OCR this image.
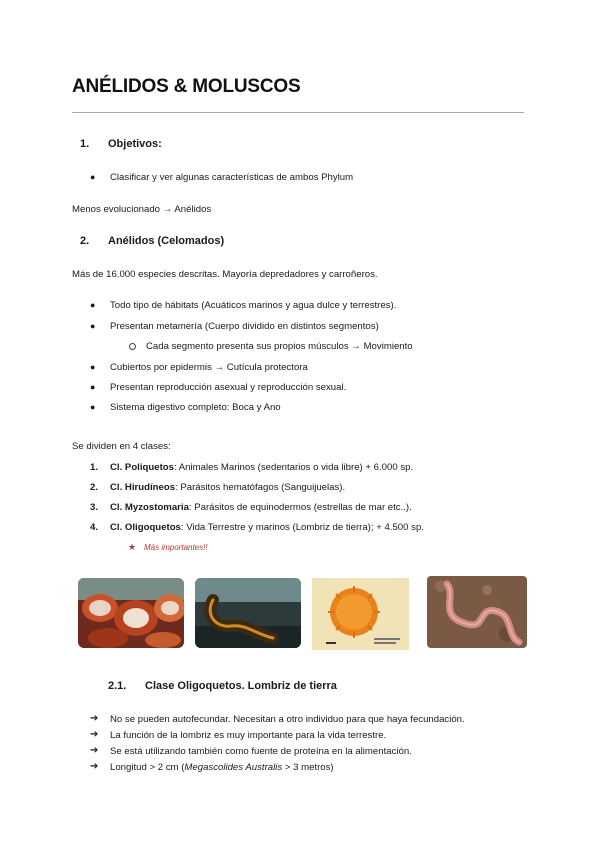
ANÉLIDOS & MOLUSCOS
1. Objetivos:
● Clasificar y ver algunas características de ambos Phylum
Menos evolucionado → Anélidos
2. Anélidos (Celomados)
Más de 16.000 especies descritas. Mayoría depredadores y carroñeros.
● Todo tipo de hábitats (Acuáticos marinos y agua dulce y terrestres).
● Presentan metamería (Cuerpo dividido en distintos segmentos)
Cada segmento presenta sus propios músculos → Movimiento
● Cubiertos por epidermis → Cutícula protectora
● Presentan reproducción asexual y reproducción sexual.
● Sistema digestivo completo: Boca y Ano
Se dividen en 4 clases:
1. Cl. Poliquetos: Animales Marinos (sedentarios o vida libre) + 6.000 sp.
2. Cl. Hirudíneos: Parásitos hematófagos (Sanguijuelas).
3. Cl. Myzostomaria: Parásitos de equinodermos (estrellas de mar etc..).
4. Cl. Oligoquetos: Vida Terrestre y marinos (Lombriz de tierra); + 4.500 sp.
★ Más importantes!!
2.1. Clase Oligoquetos. Lombriz de tierra
➔ No se pueden autofecundar. Necesitan a otro individuo para que haya fecundación.
➔ La función de la lombriz es muy importante para la vida terrestre.
➔ Se está utilizando también como fuente de proteína en la alimentación.
➔ Longitud > 2 cm (Megascolides Australis > 3 metros)
